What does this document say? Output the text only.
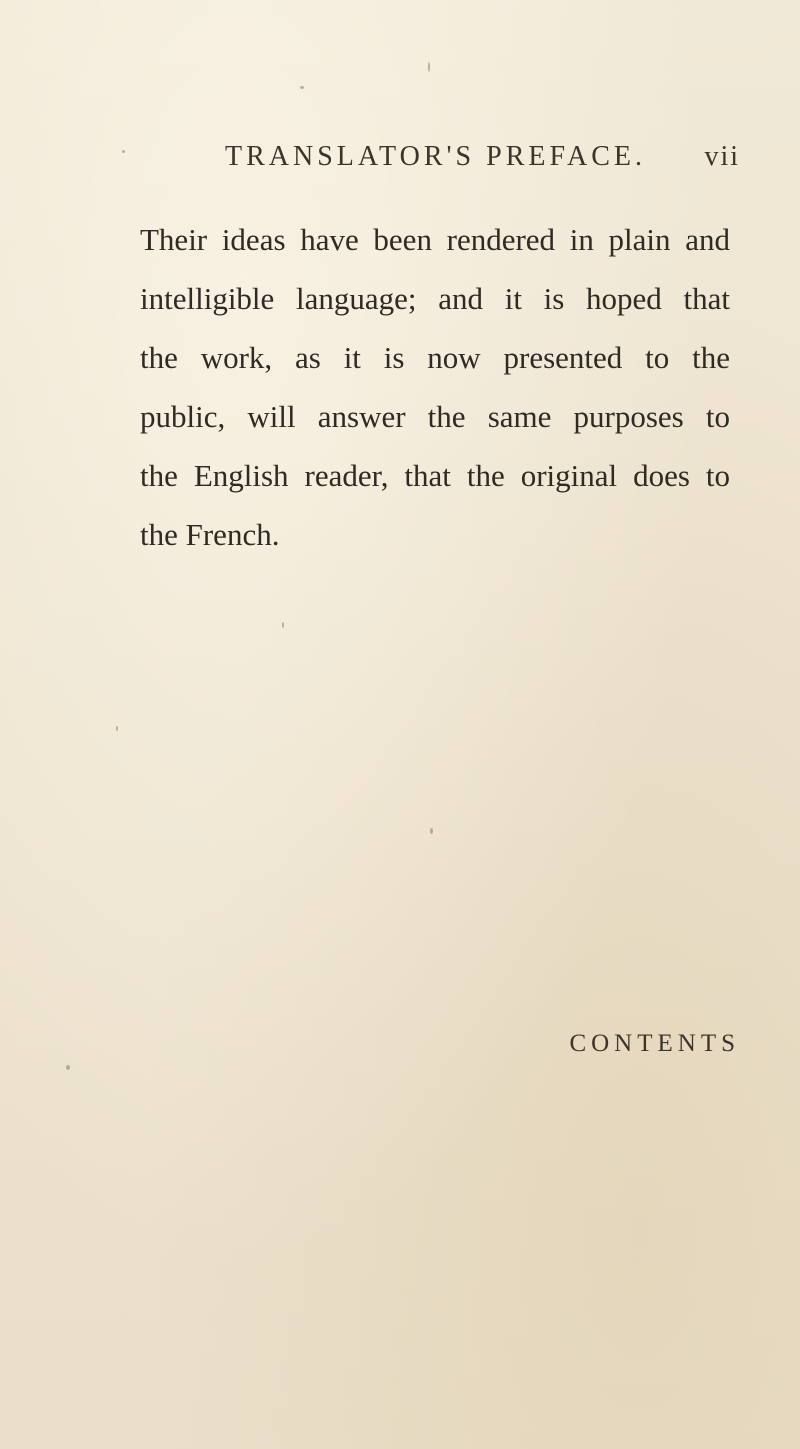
TRANSLATOR'S PREFACE. vii
Their ideas have been rendered in plain and
intelligible language; and it is hoped that
the work, as it is now presented to the
public, will answer the same purposes to
the English reader, that the original does to
the French.
CONTENTS
